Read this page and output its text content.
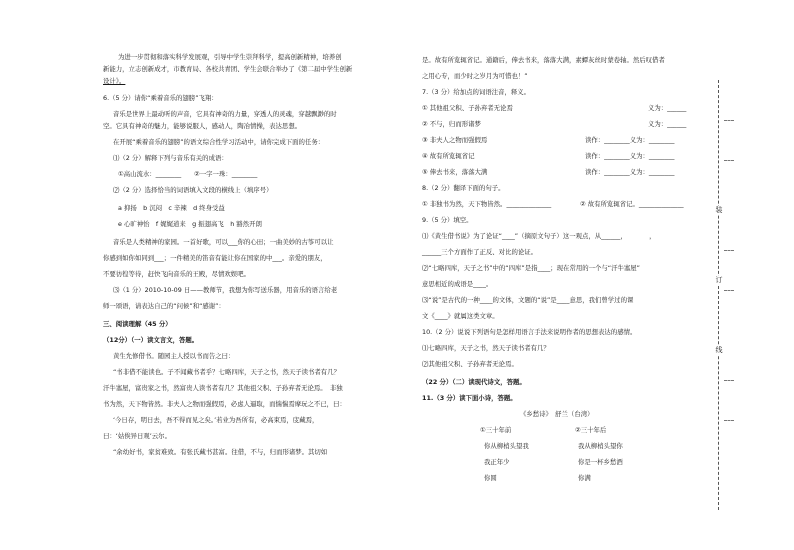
为进一步贯彻和落实科学发展观，引导中学生崇拜科学，提高创新精神，培养创
新能力，立志创新成才，市教育局、各校共青团、学生会联合举办了《第二届中学生创新
设计》。
6.（5 分）请你“乘着音乐的翅膀”飞翔：
音乐是世界上最动听的声音，它具有神奇的力量，穿透人的灵魂，穿越飘渺的时
空。它具有神奇的魅力，能够说服人，感动人，陶冶情操，表达思想。
在开展“乘着音乐的翅膀”的语文综合性学习活动中，请你完成下面的任务：
⑴（2 分）解释下列与音乐有关的成语：
①高山流水：________　　②一字一珠：________
⑵（2 分）选择恰当的词语填入文段的横线上（填序号）
a 抑扬　b 沉闷　c 辛辣　d 终身受益
e 心旷神怡　f 娓娓道来　g 振翅高飞　h 豁然开朗
音乐是人类精神的家园。一首好歌，可以___你的心田；一曲美妙的古筝可以让
你感到如你如同到___；一件精美的笛音有能让你在国家的中___。亲爱的朋友，
不要彷徨等待，赶快飞向音乐的王殿，尽情欢娱吧。
⑶（1 分）2010-10-09 日——教师节，我想为你写送乐器，用音乐的语言给老
师一颂语，请表达自己的“问候”和“感谢”：
三、阅读理解（45 分）
（12分）（一）读文言文，答题。
黄生允修借书。随园主人授以书而告之曰：
“书非借不能读也。子不闻藏书者乎？七略四库，天子之书，然天子读书者有几？
汗牛塞屋，富贵家之书，然富贵人读书者有几？其他祖父积、子孙弃者无论焉。　非独
书为然，天下物皆然。非夫人之物而强假焉，必虑人逼取，而惴惴焉摩玩之不已，曰：
‘今日存，明日去，吾不得而见之矣。’若业为吾所有，必高束焉，庋藏焉，
曰：‘姑俟异日观’云尔。
“余幼好书，家贫难致。有张氏藏书甚富。往借，不与，归而形诸梦。其切如
是。故有所览辄省记。通籍后，俸去书来，落落大满，素蟫灰丝时蒙卷轴。然后叹借者
之用心专，而少时之岁月为可惜也！”
7.（3 分）给加点的词语注音，释义。
① 其他祖父积、子孙弃者无论焉	义为：______
② 不与，归而形诸梦	义为：______
③ 非夫人之物而强假焉	读作：________义为：________
④ 故有所览辄省记	读作：________义为：________
⑤ 俸去书来，落落大满	读作：________义为：________
8.（2 分）翻译下面的句子。
① 非独书为然，天下物皆然。______________	② 故有所览辄省记。______________
9.（5 分）填空。
⑴《黄生借书说》为了论证“____”（摘原文句子）这一观点，从______，　　　　，
______三个方面作了正反、对比的论证。
⑵“七略四库，天子之书”中的“四库”是指____；现在常用的一个与“汗牛塞屋”
意思相近的成语是____。
⑶“说”是古代的一种____的文体，文题的“说”是____意思，我们曾学过的课
文《____》就属这类文章。
10.（2 分）说说下列语句是怎样用语言手法来说明作者的思想表达的感情。
⑴七略四库，天子之书，然天子读书者有几？
⑵其他祖父积、子孙弃者无论焉。
（22 分）（二）读现代诗文，答题。
11.（3 分）读下面小诗，答题。
《乡愁诗》　舒兰（台湾）
①三十年前	②三十年后
你从柳梢头望我	我从柳梢头望你
我正年少	你是一杯乡愁酒
你圆	你满
装
订
线
